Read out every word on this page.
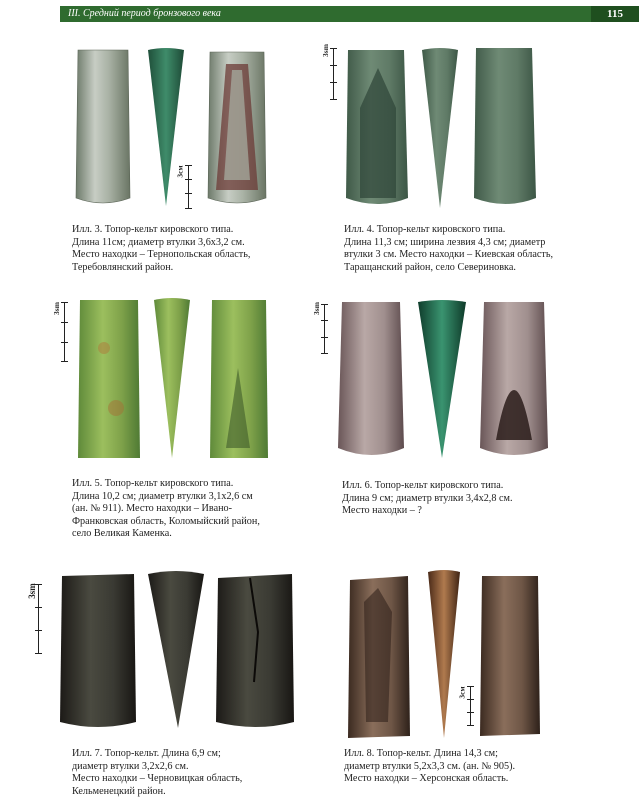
III. Средний период бронзового века	115
3см
3sm
Илл. 3. Топор-кельт кировского типа.
Длина 11см; диаметр втулки 3,6х3,2 см.
Место находки – Тернопольская область,
Теребовлянский район.
Илл. 4. Топор-кельт кировского типа.
Длина 11,3 см; ширина лезвия 4,3 см; диаметр
втулки 3 см. Место находки – Киевская область,
Таращанский район, село Севериновка.
3sm	3sm
Илл. 5. Топор-кельт кировского типа.
Длина 10,2 см; диаметр втулки 3,1х2,6 см
(ан. № 911). Место находки – Ивано-
Франковская область, Коломыйский район,
село Великая Каменка.
Илл. 6. Топор-кельт кировского типа.
Длина 9 см; диаметр втулки 3,4х2,8 см.
Место находки – ?
3sm
3см
Илл. 7. Топор-кельт. Длина 6,9 см;
диаметр втулки 3,2х2,6 см.
Место находки – Черновицкая область,
Кельменецкий район.
Илл. 8. Топор-кельт. Длина 14,3 см;
диаметр втулки 5,2х3,3 см. (ан. № 905).
Место находки – Херсонская область.
